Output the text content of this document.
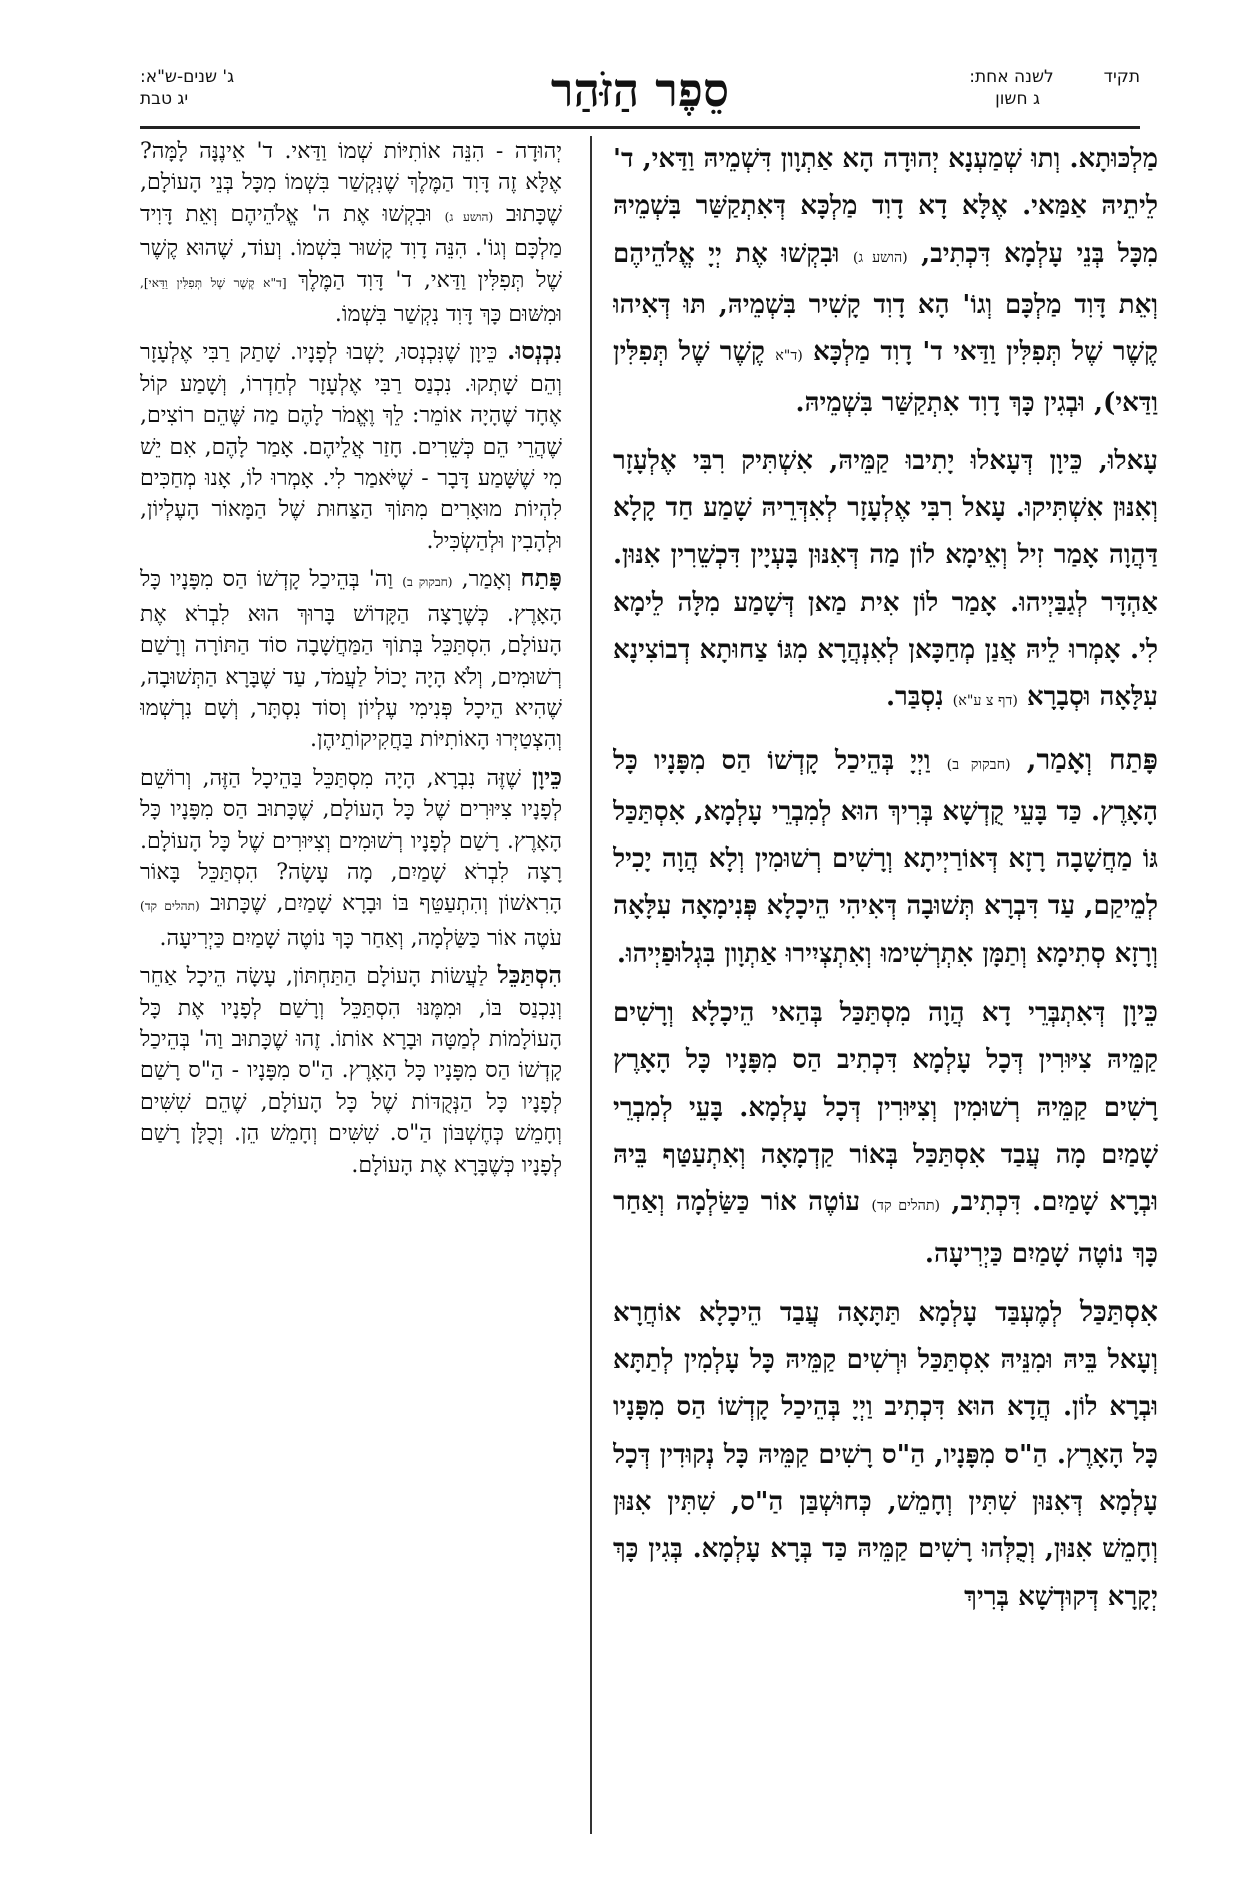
סֵפֶר הַזֹּהַר	תקידלשנה אחת:
ג חשון
ג' שנים-ש"א:
יג טבת

מַלְכּוּתָא. וְתוּ שְׁמַעְנָא יְהוּדָה הָא אַתְוָון דִּשְׁמֵיהּ וַדַּאי, ד' לֵיתֵיהּ אַמַּאי. אֶלָּא דָא דָוִד מַלְכָּא דְּאִתְקַשַּׁר בִּשְׁמֵיהּ מִכָּל בְּנֵי עָלְמָא דִּכְתִיב, (הושע ג) וּבִקְשׁוּ אֶת יְיָ אֱלֹהֵיהֶם וְאֵת דָּוִד מַלְכָּם וְגוֹ' הָא דָוִד קָשִׁיר בִּשְׁמֵיהּ, תּוּ דְּאִיהוּ קֶשֶׁר שֶׁל תְּפִלִּין וַדַּאי ד' דָוִד מַלְכָּא (ד"א קֶשֶׁר שֶׁל תְּפִלִּין וַדַּאי), וּבְגִין כָּךְ דָוִד אִתְקַשַּׁר בִּשְׁמֵיהּ.

עָאלוּ, כֵּיוָן דְּעָאלוּ יָתִיבוּ קַמֵּיהּ, אִשְׁתִּיק רִבִּי אֶלְעָזָר וְאִנּוּן אִשְׁתִּיקוּ. עָאל רִבִּי אֶלְעָזָר לְאִדְּרֵיהּ שָׁמַע חַד קָלָא דַּהֲוָה אָמַר זִיל וְאֵימָא לוֹן מַה דְּאִנּוּן בָּעְיָין דִּכְשֵׁרִין אִנּוּן. אַהְדָּר לְגַבַּיְיהוּ. אָמַר לוֹן אִית מַאן דְּשָׁמַע מִלָּה לֵימָא לִי. אָמְרוּ לֵיהּ אֲנַן מְחַכָּאן לְאִנְהֲרָא מִגּוֹ צַחוּתָא דְבוֹצִינָא עִלָּאָה וּסְבָרָא (דף צ ע"א) נִסְבַּר.

פָּתַח וְאָמַר, (חבקוק ב) וַיְיָ בְּהֵיכַל קָדְשׁוֹ הַס מִפָּנָיו כָּל הָאָרֶץ. כַּד בָּעֵי קֻדְשָׁא בְּרִיךְ הוּא לְמִבְרֵי עָלְמָא, אִסְתַּכַּל גּוֹ מַחֲשָׁבָה רָזָא דְּאוֹרַיְיתָא וְרָשִׁים רְשׁוּמִין וְלָא הֲוָה יָכִיל לְמֵיקַם, עַד דִּבְרָא תְּשׁוּבָה דְּאִיהִי הֵיכָלָא פְּנִימָאָה עִלָּאָה וְרָזָא סְתִימָא וְתַמָּן אִתְרְשִׁימוּ וְאִתְצְיִירוּ אַתְוָון בִּגְלוּפַיְיהוּ.

כֵּיוָן דְּאִתְבְּרֵי דָא הֲוָה מִסְתַּכַּל בְּהַאי הֵיכָלָא וְרָשִׁים קַמֵּיהּ צִיּוּרִין דְּכָל עָלְמָא דִּכְתִיב הַס מִפָּנָיו כָּל הָאָרֶץ רָשִׁים קַמֵּיהּ רְשׁוּמִין וְצִיּוּרִין דְּכָל עָלְמָא. בָּעֵי לְמִבְרֵי שָׁמַיִם מָה עֲבַד אִסְתַּכַּל בְּאוֹר קַדְמָאָה וְאִתְעַטַּף בֵּיהּ וּבְרָא שָׁמַיִם. דִּכְתִיב, (תהלים קד) עוֹטֶה אוֹר כַּשַּׂלְמָה וְאַחַר כָּךְ נוֹטֶה שָׁמַיִם כַּיְרִיעָה.

אִסְתַּכַּל לְמֶעְבַּד עָלְמָא תַּתָּאָה עֲבַד הֵיכָלָא אוֹחֲרָא וְעָאל בֵּיהּ וּמִנֵּיהּ אִסְתַּכַּל וּרְשִׁים קַמֵּיהּ כָּל עָלְמִין לְתַתָּא וּבְרָא לוֹן. הֲדָא הוּא דִּכְתִיב וַיְיָ בְּהֵיכַל קָדְשׁוֹ הַס מִפָּנָיו כָּל הָאָרֶץ. הַ"ס מִפָּנָיו, הַ"ס רָשִׁים קַמֵּיהּ כָּל נְקוּדִין דְּכָל עָלְמָא דְּאִנּוּן שִׁתִּין וְחָמֵשׁ, כְּחוּשְׁבַּן הַ"ס, שִׁתִּין אִנּוּן וְחָמֵשׁ אִנּוּן, וְכֻלְּהוּ רָשִׁים קַמֵּיהּ כַּד בְּרָא עָלְמָא. בְּגִין כָּךְ יְקָרָא דְּקוּדְשָׁא בְּרִיךְ

יְהוּדָה - הִנֵּה אוֹתִיּוֹת שְׁמוֹ וַדַּאי. ד' אֵינֶנָּה לָמָּה? אֶלָּא זֶה דָּוִד הַמֶּלֶךְ שֶׁנִּקְשַׁר בִּשְׁמוֹ מִכָּל בְּנֵי הָעוֹלָם, שֶׁכָּתוּב (הושע ג) וּבִקְשׁוּ אֶת ה' אֱלֹהֵיהֶם וְאֵת דָּוִיד מַלְכָּם וְגוֹ'. הִנֵּה דָוִד קָשׁוּר בִּשְׁמוֹ. וְעוֹד, שֶׁהוּא קֶשֶׁר שֶׁל תְּפִלִּין וַדַּאי, ד' דָּוִד הַמֶּלֶךְ [ד"א קֶשֶׁר שֶׁל תְּפִלִּין וַדַּאי], וּמִשּׁוּם כָּךְ דָּוִד נִקְשַׁר בִּשְׁמוֹ.

נִכְנְסוּ. כֵּיוָן שֶׁנִּכְנְסוּ, יָשְׁבוּ לְפָנָיו. שָׁתַק רַבִּי אֶלְעָזָר וְהֵם שָׁתְקוּ. נִכְנַס רַבִּי אֶלְעָזָר לְחַדְרוֹ, וְשָׁמַע קוֹל אֶחָד שֶׁהָיָה אוֹמֵר: לֵךְ וֶאֱמֹר לָהֶם מַה שֶּׁהֵם רוֹצִים, שֶׁהֲרֵי הֵם כְּשֵׁרִים. חָזַר אֲלֵיהֶם. אָמַר לָהֶם, אִם יֵשׁ מִי שֶׁשָּׁמַע דָּבָר - שֶׁיֹּאמַר לִי. אָמְרוּ לוֹ, אָנוּ מְחַכִּים לִהְיוֹת מוּאָרִים מִתּוֹךְ הַצַּחוּת שֶׁל הַמָּאוֹר הָעֶלְיוֹן, וּלְהָבִין וּלְהַשְׂכִּיל.

פָּתַח וְאָמַר, (חבקוק ב) וַה' בְּהֵיכַל קָדְשׁוֹ הַס מִפָּנָיו כָּל הָאָרֶץ. כְּשֶׁרָצָה הַקָּדוֹשׁ בָּרוּךְ הוּא לִבְרֹא אֶת הָעוֹלָם, הִסְתַּכֵּל בְּתוֹךְ הַמַּחֲשָׁבָה סוֹד הַתּוֹרָה וְרָשַׁם רְשׁוּמִים, וְלֹא הָיָה יָכוֹל לַעֲמֹד, עַד שֶׁבָּרָא הַתְּשׁוּבָה, שֶׁהִיא הֵיכָל פְּנִימִי עֶלְיוֹן וְסוֹד נִסְתָּר, וְשָׁם נִרְשְׁמוּ וְהִצְטַיְּרוּ הָאוֹתִיּוֹת בַּחֲקִיקוֹתֵיהֶן.

כֵּיוָן שֶׁזֶּה נִבְרָא, הָיָה מִסְתַּכֵּל בַּהֵיכָל הַזֶּה, וְרוֹשֵׁם לְפָנָיו צִיּוּרִים שֶׁל כָּל הָעוֹלָם, שֶׁכָּתוּב הַס מִפָּנָיו כָּל הָאָרֶץ. רָשַׁם לְפָנָיו רְשׁוּמִים וְצִיּוּרִים שֶׁל כָּל הָעוֹלָם. רָצָה לִבְרֹא שָׁמַיִם, מָה עָשָׂה? הִסְתַּכֵּל בָּאוֹר הָרִאשׁוֹן וְהִתְעַטֵּף בּוֹ וּבָרָא שָׁמַיִם, שֶׁכָּתוּב (תהלים קד) עֹטֶה אוֹר כַּשַּׂלְמָה, וְאַחַר כָּךְ נוֹטֶה שָׁמַיִם כַּיְרִיעָה.

הִסְתַּכֵּל לַעֲשׂוֹת הָעוֹלָם הַתַּחְתּוֹן, עָשָׂה הֵיכָל אַחֵר וְנִכְנַס בּוֹ, וּמִמֶּנּוּ הִסְתַּכֵּל וְרָשַׁם לְפָנָיו אֶת כָּל הָעוֹלָמוֹת לְמַטָּה וּבָרָא אוֹתוֹ. זֶהוּ שֶׁכָּתוּב וַה' בְּהֵיכַל קָדְשׁוֹ הַס מִפָּנָיו כָּל הָאָרֶץ. הַ"ס מִפָּנָיו - הַ"ס רָשַׁם לְפָנָיו כָּל הַנְּקֻדּוֹת שֶׁל כָּל הָעוֹלָם, שֶׁהֵם שִׁשִּׁים וְחָמֵשׁ כְּחֶשְׁבּוֹן הַ"ס. שִׁשִּׁים וְחָמֵשׁ הֵן. וְכֻלָּן רָשַׁם לְפָנָיו כְּשֶׁבָּרָא אֶת הָעוֹלָם.
